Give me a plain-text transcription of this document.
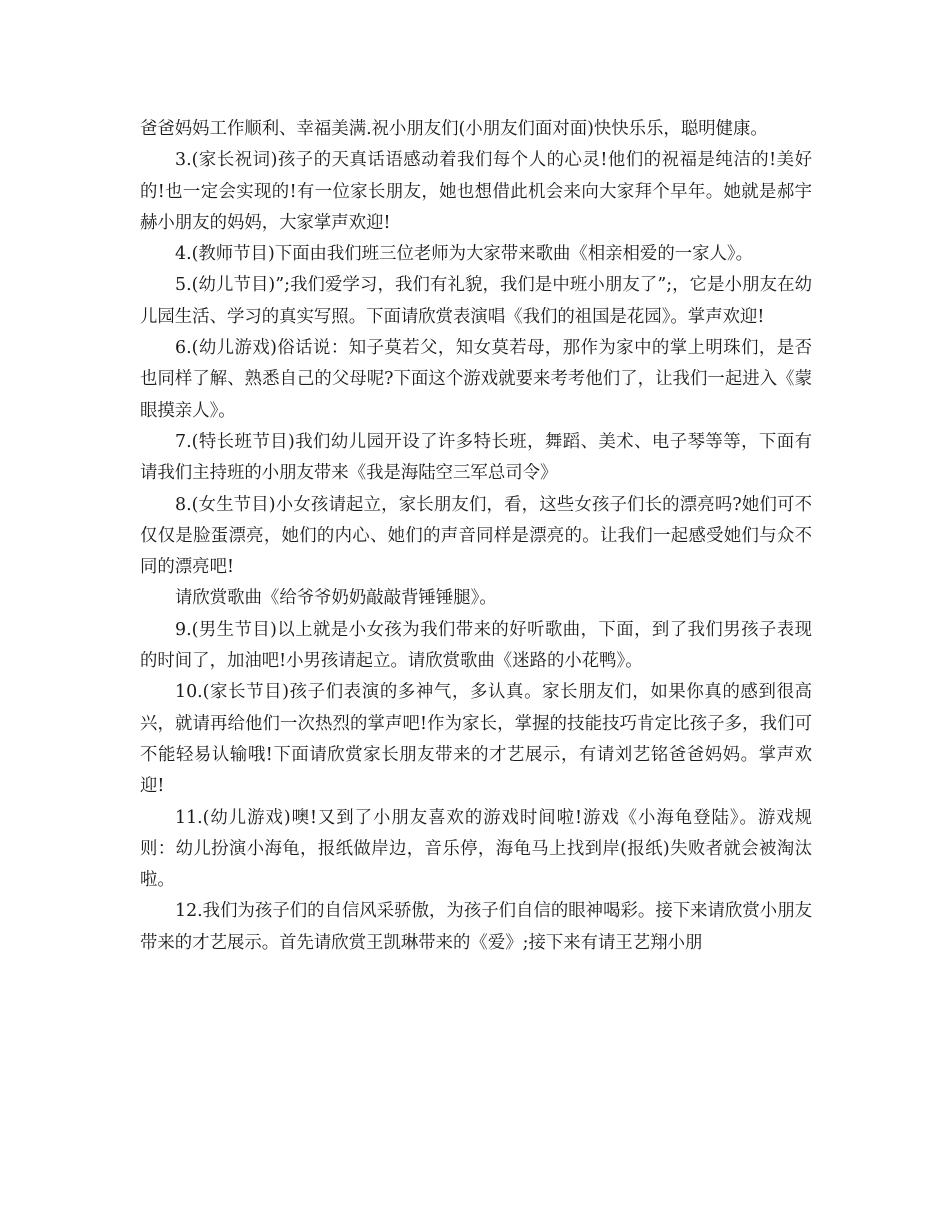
爸爸妈妈工作顺利、幸福美满.祝小朋友们(小朋友们面对面)快快乐乐，聪明健康。

3.(家长祝词)孩子的天真话语感动着我们每个人的心灵!他们的祝福是纯洁的!美好的!也一定会实现的!有一位家长朋友，她也想借此机会来向大家拜个早年。她就是郝宇赫小朋友的妈妈，大家掌声欢迎!

4.(教师节目)下面由我们班三位老师为大家带来歌曲《相亲相爱的一家人》。

5.(幼儿节目)”;我们爱学习，我们有礼貌，我们是中班小朋友了”;，它是小朋友在幼儿园生活、学习的真实写照。下面请欣赏表演唱《我们的祖国是花园》。掌声欢迎!

6.(幼儿游戏)俗话说：知子莫若父，知女莫若母，那作为家中的掌上明珠们，是否也同样了解、熟悉自己的父母呢?下面这个游戏就要来考考他们了，让我们一起进入《蒙眼摸亲人》。

7.(特长班节目)我们幼儿园开设了许多特长班，舞蹈、美术、电子琴等等，下面有请我们主持班的小朋友带来《我是海陆空三军总司令》

8.(女生节目)小女孩请起立，家长朋友们，看，这些女孩子们长的漂亮吗?她们可不仅仅是脸蛋漂亮，她们的内心、她们的声音同样是漂亮的。让我们一起感受她们与众不同的漂亮吧!

请欣赏歌曲《给爷爷奶奶敲敲背锤锤腿》。

9.(男生节目)以上就是小女孩为我们带来的好听歌曲，下面，到了我们男孩子表现的时间了，加油吧!小男孩请起立。请欣赏歌曲《迷路的小花鸭》。

10.(家长节目)孩子们表演的多神气，多认真。家长朋友们，如果你真的感到很高兴，就请再给他们一次热烈的掌声吧!作为家长，掌握的技能技巧肯定比孩子多，我们可不能轻易认输哦!下面请欣赏家长朋友带来的才艺展示，有请刘艺铭爸爸妈妈。掌声欢迎!

11.(幼儿游戏)噢!又到了小朋友喜欢的游戏时间啦!游戏《小海龟登陆》。游戏规则：幼儿扮演小海龟，报纸做岸边，音乐停，海龟马上找到岸(报纸)失败者就会被淘汰啦。

12.我们为孩子们的自信风采骄傲，为孩子们自信的眼神喝彩。接下来请欣赏小朋友带来的才艺展示。首先请欣赏王凯琳带来的《爱》;接下来有请王艺翔小朋
